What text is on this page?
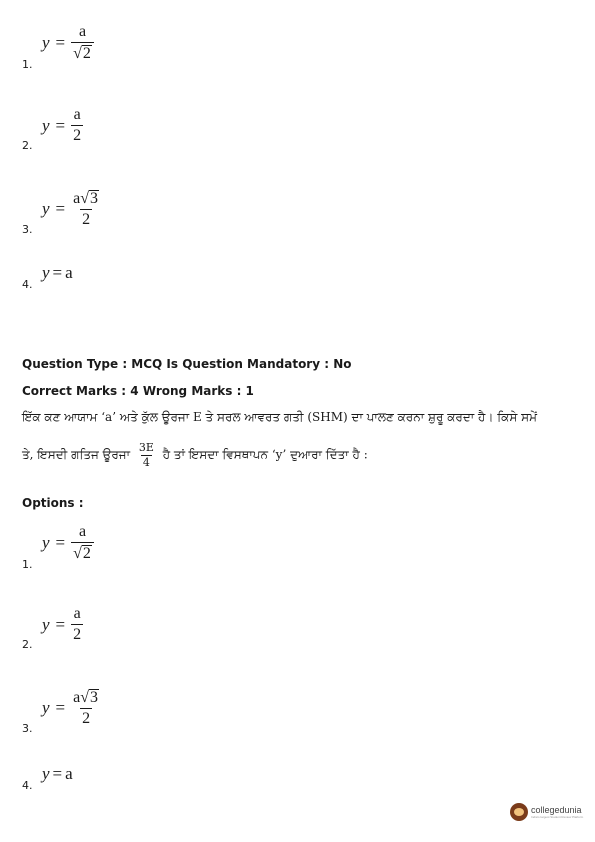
$y = \frac{a}{√ 2}$
1.
$y = \frac{a}{2}$
2.
$y = \frac{a √ 3}{2}$
3.
y = a
4.
Question Type : MCQ Is Question Mandatory : No
Correct Marks : 4 Wrong Marks : 1
ਇੱਕ ਕਣ ਆਯਾਮ ‘a’ ਅਤੇ ਕੁੱਲ ਊਰਜਾ E ਤੇ ਸਰਲ ਆਵਰਤ ਗਤੀ (SHM) ਦਾ ਪਾਲਣ ਕਰਨਾ ਸ਼ੁਰੂ ਕਰਦਾ ਹੈ। ਕਿਸੇ ਸਮੇਂ
ਤੇ, ਇਸਦੀ ਗਤਿਜ ਊਰਜਾ $\frac{3E}{4}$ ਹੈ ਤਾਂ ਇਸਦਾ ਵਿਸਥਾਪਨ ‘y’ ਦੁਆਰਾ ਦਿੱਤਾ ਹੈ :
Options :
$y = \frac{a}{√ 2}$
1.
$y = \frac{a}{2}$
2.
$y = \frac{a √ 3}{2}$
3.
y = a
4.
collegedunia
India's largest Student Review Platform
